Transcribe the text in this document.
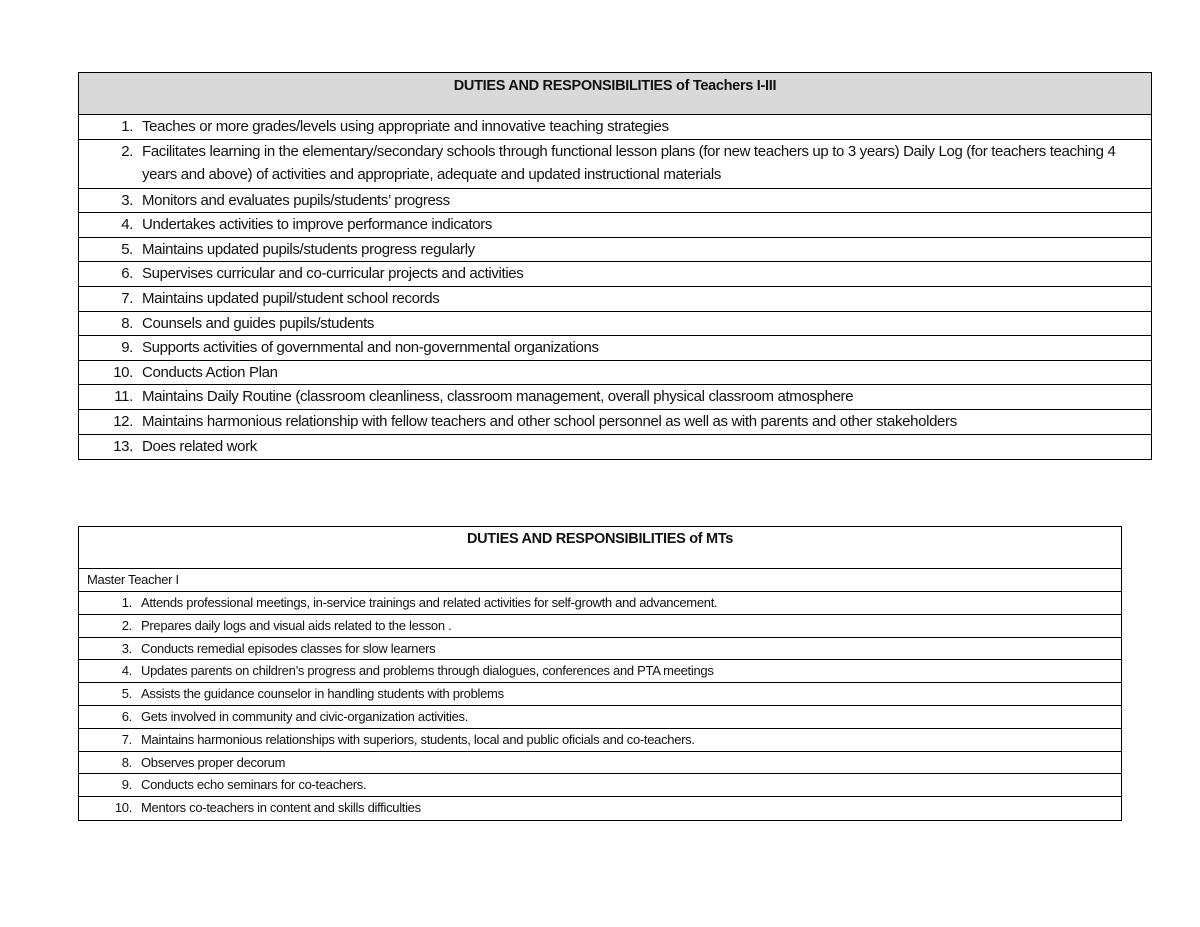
DUTIES AND RESPONSIBILITIES of Teachers I-III
1. Teaches or more grades/levels using appropriate and innovative teaching strategies
2. Facilitates learning in the elementary/secondary schools through functional lesson plans (for new teachers up to 3 years) Daily Log (for teachers teaching 4 years and above) of activities and appropriate, adequate and updated instructional materials
3. Monitors and evaluates pupils/students’ progress
4. Undertakes activities to improve performance indicators
5. Maintains updated pupils/students progress regularly
6. Supervises curricular and co-curricular projects and activities
7. Maintains updated pupil/student school records
8. Counsels and guides pupils/students
9. Supports activities of governmental and non-governmental organizations
10. Conducts Action Plan
11. Maintains Daily Routine (classroom cleanliness, classroom management, overall physical classroom atmosphere
12. Maintains harmonious relationship with fellow teachers and other school personnel as well as with parents and other stakeholders
13. Does related work
DUTIES AND RESPONSIBILITIES of MTs
Master Teacher I
1. Attends professional meetings, in-service trainings and related activities for self-growth and advancement.
2. Prepares daily logs and visual aids related to the lesson .
3. Conducts remedial episodes classes for slow learners
4. Updates parents on children’s progress and problems through dialogues, conferences and PTA meetings
5. Assists the guidance counselor in handling students with problems
6. Gets involved in community and civic-organization activities.
7. Maintains harmonious relationships with superiors, students, local and public oficials and co-teachers.
8. Observes proper decorum
9. Conducts echo seminars for co-teachers.
10. Mentors co-teachers in content and skills difficulties
